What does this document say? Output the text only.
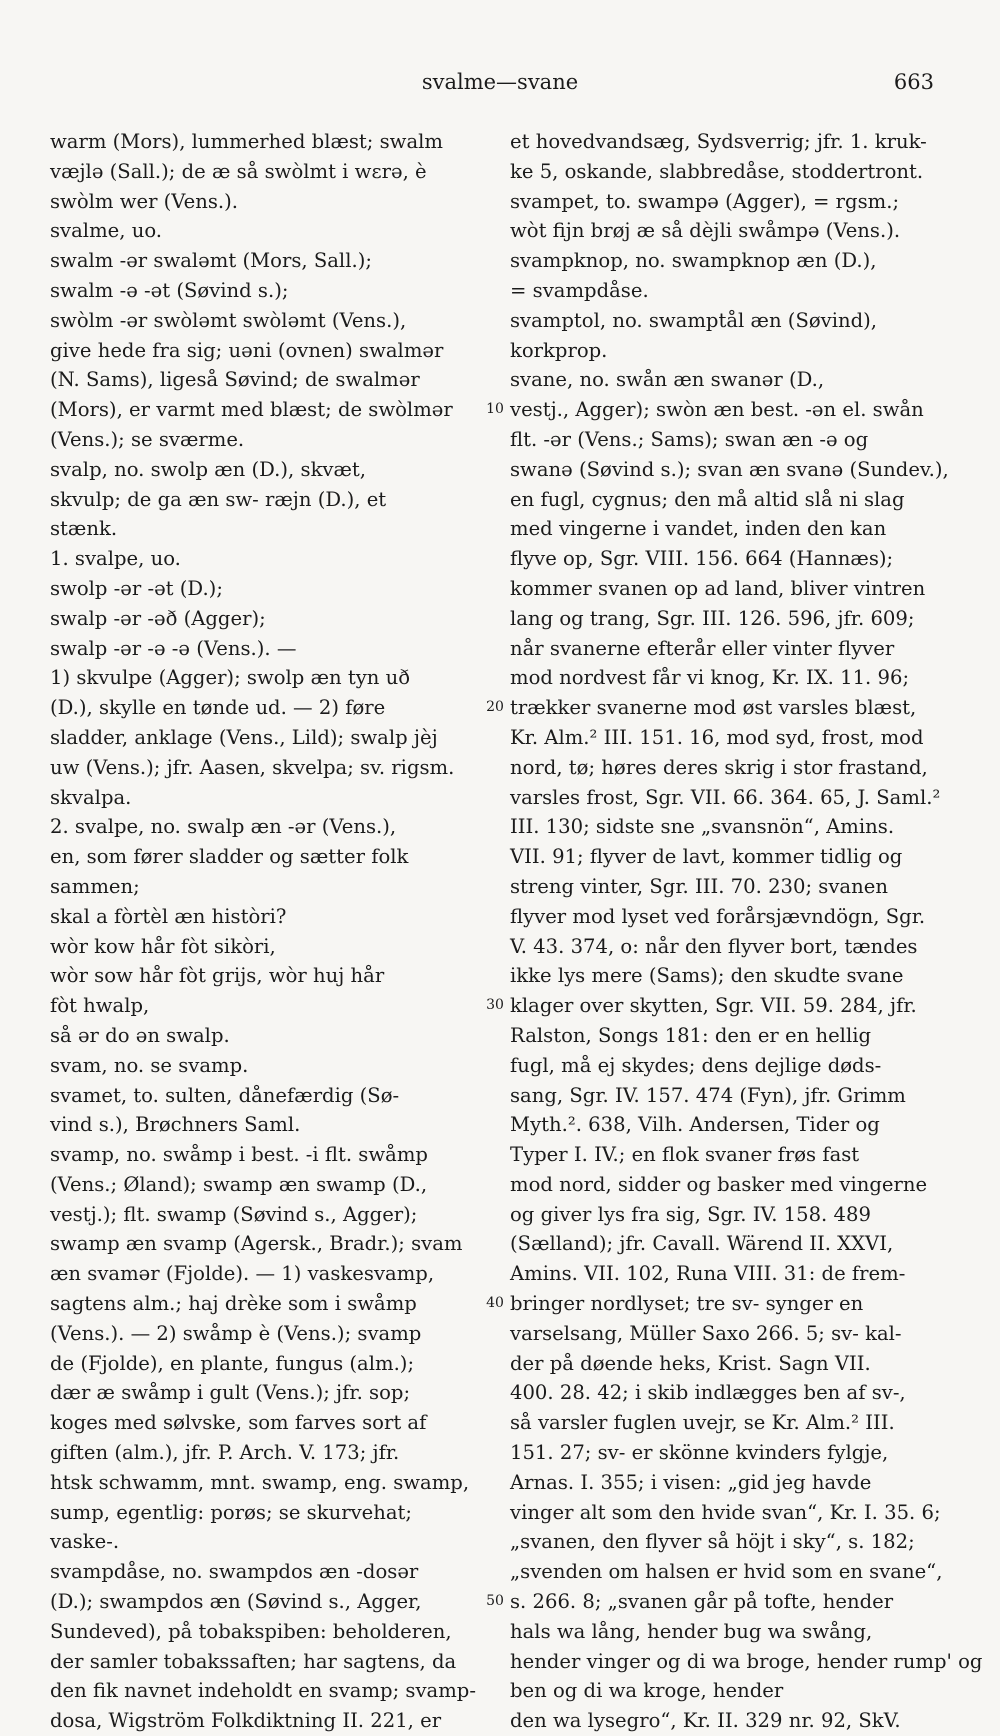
svalme—svane	663
warm (Mors), lummerhed blæst; swalm
væjlə (Sall.); de æ så swòlmt i wɛrə, è
swòlm wer (Vens.).
svalme, uo.
swalm -ər swaləmt (Mors, Sall.);
swalm -ə -ət (Søvind s.);
swòlm -ər swòləmt swòləmt (Vens.),
give hede fra sig; uəni (ovnen) swalmər
(N. Sams), ligeså Søvind; de swalmər
(Mors), er varmt med blæst; de swòlmər
(Vens.); se sværme.
svalp, no. swolp æn (D.), skvæt,
skvulp; de ga æn sw- ræjn (D.), et
stænk.
1. svalpe, uo.
swolp -ər -ət (D.);
swalp -ər -əð (Agger);
swalp -ər -ə -ə (Vens.). —
1) skvulpe (Agger); swolp æn tyn uð
(D.), skylle en tønde ud. — 2) føre
sladder, anklage (Vens., Lild); swalp jèj
uw (Vens.); jfr. Aasen, skvelpa; sv. rigsm.
skvalpa.
2. svalpe, no. swalp æn -ər (Vens.),
en, som fører sladder og sætter folk
sammen;
skal a fòrtèl æn històri?
wòr kow hår fòt sikòri,
wòr sow hår fòt grijs, wòr huj hår
fòt hwalp,
så ər do ən swalp.
svam, no. se svamp.
svamet, to. sulten, dånefærdig (Sø-
vind s.), Brøchners Saml.
svamp, no. swåmp i best. -i flt. swåmp
(Vens.; Øland); swamp æn swamp (D.,
vestj.); flt. swamp (Søvind s., Agger);
swamp æn svamp (Agersk., Bradr.); svam
æn svamər (Fjolde). — 1) vaskesvamp,
sagtens alm.; haj drèke som i swåmp
(Vens.). — 2) swåmp è (Vens.); svamp
de (Fjolde), en plante, fungus (alm.);
dær æ swåmp i gult (Vens.); jfr. sop;
koges med sølvske, som farves sort af
giften (alm.), jfr. P. Arch. V. 173; jfr.
htsk schwamm, mnt. swamp, eng. swamp,
sump, egentlig: porøs; se skurvehat;
vaske-.
svampdåse, no. swampdos æn -dosər
(D.); swampdos æn (Søvind s., Agger,
Sundeved), på tobakspiben: beholderen,
der samler tobakssaften; har sagtens, da
den fik navnet indeholdt en svamp; svamp-
dosa, Wigström Folkdiktning II. 221, er
10
20
30
40
50
et hovedvandsæg, Sydsverrig; jfr. 1. kruk-
ke 5, oskande, slabbredåse, stoddertront.
svampet, to. swampə (Agger), = rgsm.;
wòt fijn brøj æ så dèjli swåmpə (Vens.).
svampknop, no. swampknop æn (D.),
= svampdåse.
svamptol, no. swamptål æn (Søvind),
korkprop.
svane, no. swån æn swanər (D.,
vestj., Agger); swòn æn best. -ən el. swån
flt. -ər (Vens.; Sams); swan æn -ə og
swanə (Søvind s.); svan æn svanə (Sundev.),
en fugl, cygnus; den må altid slå ni slag
med vingerne i vandet, inden den kan
flyve op, Sgr. VIII. 156. 664 (Hannæs);
kommer svanen op ad land, bliver vintren
lang og trang, Sgr. III. 126. 596, jfr. 609;
når svanerne efterår eller vinter flyver
mod nordvest får vi knog, Kr. IX. 11. 96;
trækker svanerne mod øst varsles blæst,
Kr. Alm.² III. 151. 16, mod syd, frost, mod
nord, tø; høres deres skrig i stor frastand,
varsles frost, Sgr. VII. 66. 364. 65, J. Saml.²
III. 130; sidste sne „svansnön“, Amins.
VII. 91; flyver de lavt, kommer tidlig og
streng vinter, Sgr. III. 70. 230; svanen
flyver mod lyset ved forårsjævndögn, Sgr.
V. 43. 374, o: når den flyver bort, tændes
ikke lys mere (Sams); den skudte svane
klager over skytten, Sgr. VII. 59. 284, jfr.
Ralston, Songs 181: den er en hellig
fugl, må ej skydes; dens dejlige døds-
sang, Sgr. IV. 157. 474 (Fyn), jfr. Grimm
Myth.². 638, Vilh. Andersen, Tider og
Typer I. IV.; en flok svaner frøs fast
mod nord, sidder og basker med vingerne
og giver lys fra sig, Sgr. IV. 158. 489
(Sælland); jfr. Cavall. Wärend II. XXVI,
Amins. VII. 102, Runa VIII. 31: de frem-
bringer nordlyset; tre sv- synger en
varselsang, Müller Saxo 266. 5; sv- kal-
der på døende heks, Krist. Sagn VII.
400. 28. 42; i skib indlægges ben af sv-,
så varsler fuglen uvejr, se Kr. Alm.² III.
151. 27; sv- er skönne kvinders fylgje,
Arnas. I. 355; i visen: „gid jeg havde
vinger alt som den hvide svan“, Kr. I. 35. 6;
„svanen, den flyver så höjt i sky“, s. 182;
„svenden om halsen er hvid som en svane“,
s. 266. 8; „svanen går på tofte, hender
hals wa lång, hender bug wa swång,
hender vinger og di wa broge, hender rump' og
ben og di wa kroge, hender
den wa lysegro“, Kr. II. 329 nr. 92, SkV.
